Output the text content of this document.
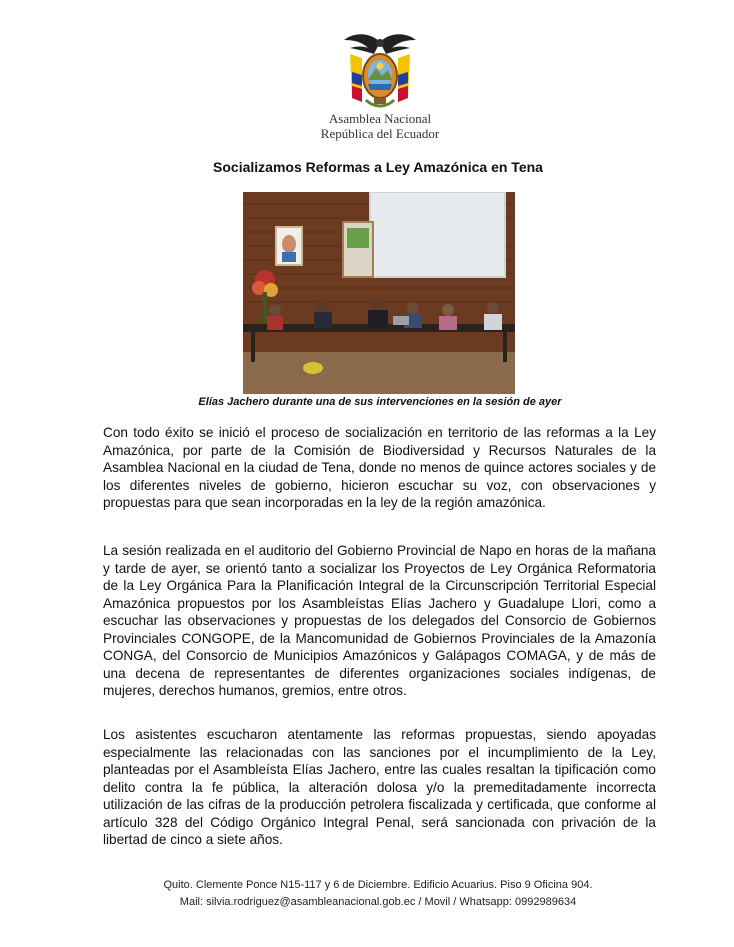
Asamblea Nacional
República del Ecuador
Socializamos Reformas a Ley Amazónica en Tena
Elías Jachero durante una de sus intervenciones en la sesión de ayer

Con todo éxito se inició el proceso de socialización en territorio de las reformas a la Ley Amazónica, por parte de la Comisión de Biodiversidad y Recursos Naturales de la Asamblea Nacional en la ciudad de Tena, donde no menos de quince actores sociales y de los diferentes niveles de gobierno, hicieron escuchar su voz, con observaciones y propuestas para que sean incorporadas en la ley de la región amazónica.

La sesión realizada en el auditorio del Gobierno Provincial de Napo en horas de la mañana y tarde de ayer, se orientó tanto a socializar los Proyectos de Ley Orgánica Reformatoria de la Ley Orgánica Para la Planificación Integral de la Circunscripción Territorial Especial Amazónica propuestos por los Asambleístas Elías Jachero y Guadalupe Llori, como a escuchar las observaciones y propuestas de los delegados del Consorcio de Gobiernos Provinciales CONGOPE, de la Mancomunidad de Gobiernos Provinciales de la Amazonía CONGA, del Consorcio de Municipios Amazónicos y Galápagos COMAGA, y de más de una decena de representantes de diferentes organizaciones sociales indígenas, de mujeres, derechos humanos, gremios, entre otros.

Los asistentes escucharon atentamente las reformas propuestas, siendo apoyadas especialmente las relacionadas con las sanciones por el incumplimiento de la Ley, planteadas por el Asambleísta Elías Jachero, entre las cuales resaltan la tipificación como delito contra la fe pública, la alteración dolosa y/o la premeditadamente incorrecta utilización de las cifras de la producción petrolera fiscalizada y certificada, que conforme al artículo 328 del Código Orgánico Integral Penal, será sancionada con privación de la libertad de cinco a siete años.

Quito. Clemente Ponce N15-117 y 6 de Diciembre. Edificio Acuarius. Piso 9 Oficina 904.
Mail: silvia.rodriguez@asambleanacional.gob.ec / Movil / Whatsapp: 0992989634
